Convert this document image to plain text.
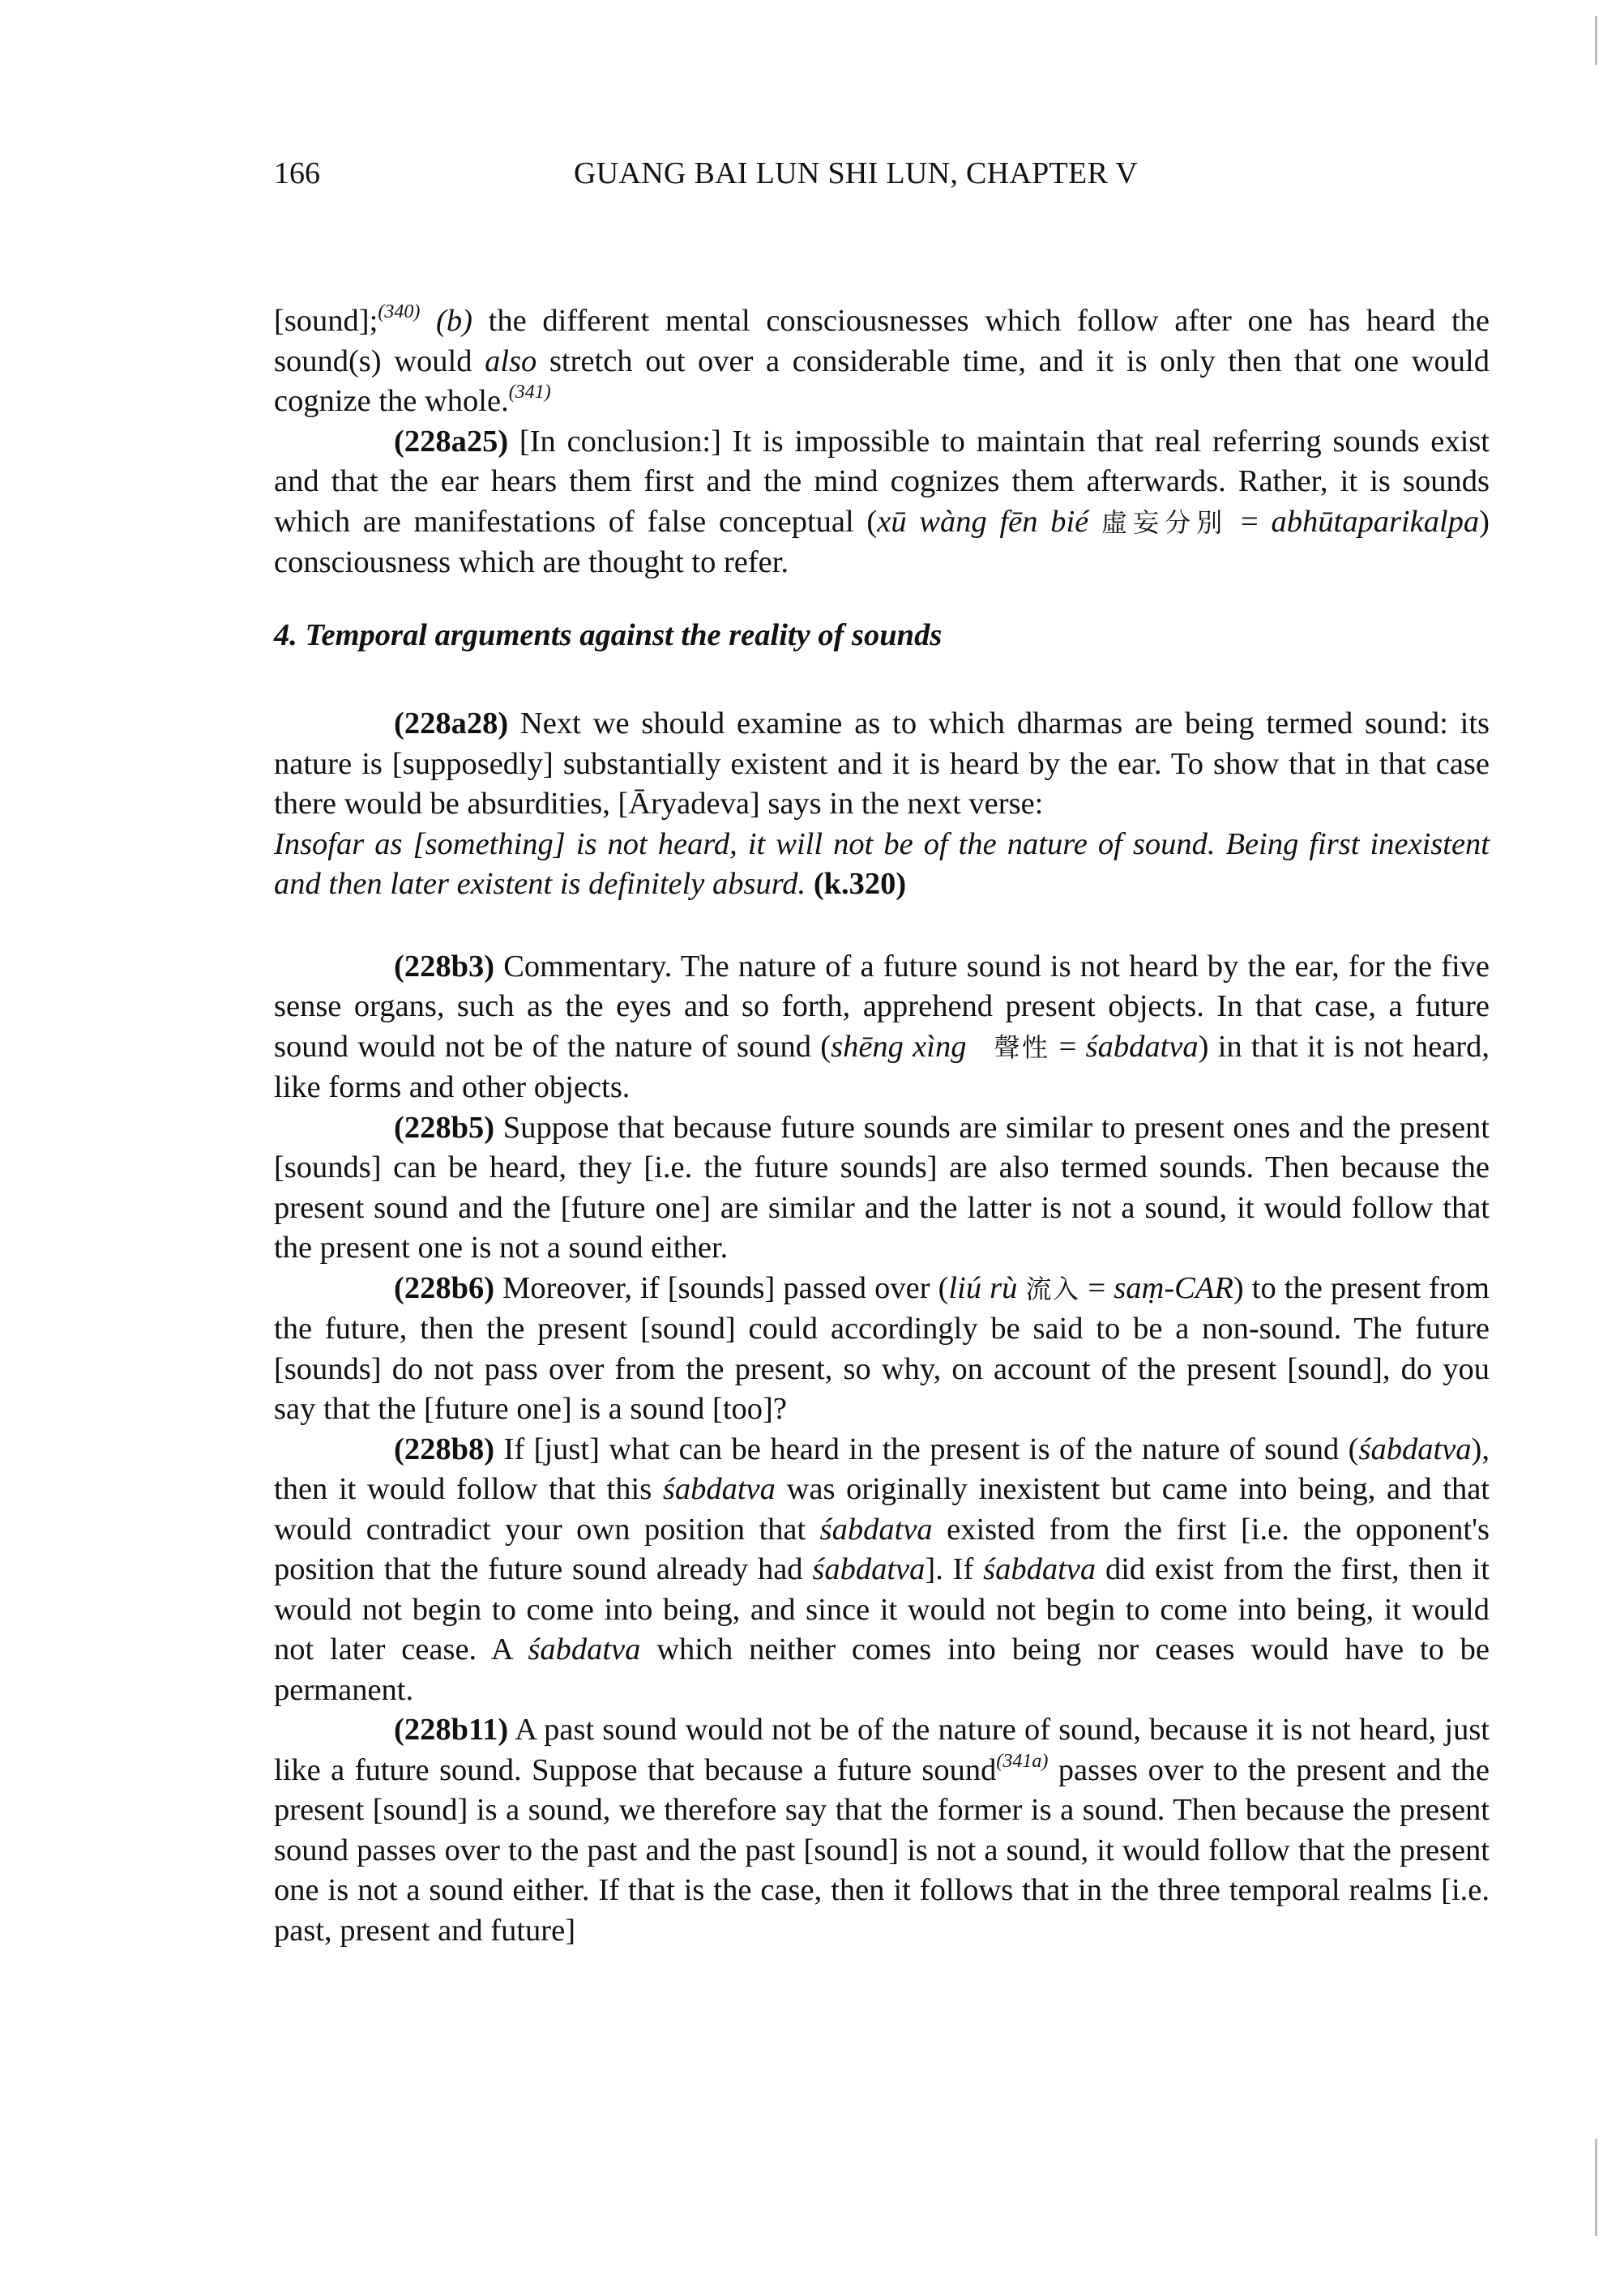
166	GUANG BAI LUN SHI LUN, CHAPTER V

[sound];$^{(340)}$ (b) the different mental consciousnesses which follow after one has heard the sound(s) would also stretch out over a considerable time, and it is only then that one would cognize the whole.$^{(341)}$

(228a25) [In conclusion:] It is impossible to maintain that real referring sounds exist and that the ear hears them first and the mind cognizes them afterwards. Rather, it is sounds which are manifestations of false conceptual (xū wàng fēn bié 虛妄分別 = abhūtaparikalpa) consciousness which are thought to refer.

4. Temporal arguments against the reality of sounds

(228a28) Next we should examine as to which dharmas are being termed sound: its nature is [supposedly] substantially existent and it is heard by the ear. To show that in that case there would be absurdities, [Āryadeva] says in the next verse:

Insofar as [something] is not heard, it will not be of the nature of sound. Being first inexistent and then later existent is definitely absurd. (k.320)

(228b3) Commentary. The nature of a future sound is not heard by the ear, for the five sense organs, such as the eyes and so forth, apprehend present objects. In that case, a future sound would not be of the nature of sound (shēng xìng 聲性 = śabdatva) in that it is not heard, like forms and other objects.

(228b5) Suppose that because future sounds are similar to present ones and the present [sounds] can be heard, they [i.e. the future sounds] are also termed sounds. Then because the present sound and the [future one] are similar and the latter is not a sound, it would follow that the present one is not a sound either.

(228b6) Moreover, if [sounds] passed over (liú rù 流入 = saṃ-CAR) to the present from the future, then the present [sound] could accordingly be said to be a non-sound. The future [sounds] do not pass over from the present, so why, on account of the present [sound], do you say that the [future one] is a sound [too]?

(228b8) If [just] what can be heard in the present is of the nature of sound (śabdatva), then it would follow that this śabdatva was originally inexistent but came into being, and that would contradict your own position that śabdatva existed from the first [i.e. the opponent's position that the future sound already had śabdatva]. If śabdatva did exist from the first, then it would not begin to come into being, and since it would not begin to come into being, it would not later cease. A śabdatva which neither comes into being nor ceases would have to be permanent.

(228b11) A past sound would not be of the nature of sound, because it is not heard, just like a future sound. Suppose that because a future sound$^{(341a)}$ passes over to the present and the present [sound] is a sound, we therefore say that the former is a sound. Then because the present sound passes over to the past and the past [sound] is not a sound, it would follow that the present one is not a sound either. If that is the case, then it follows that in the three temporal realms [i.e. past, present and future]
